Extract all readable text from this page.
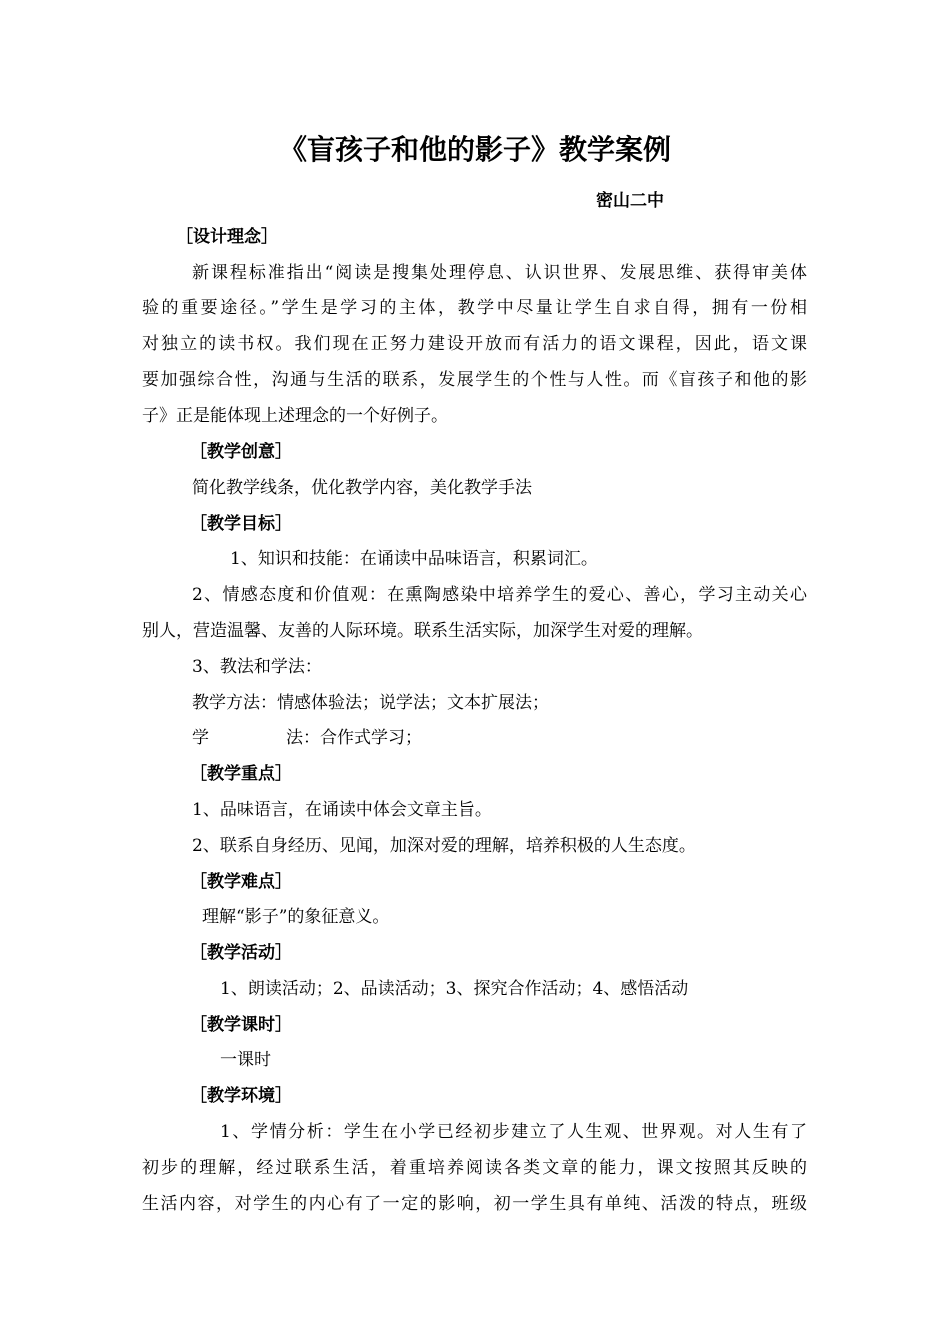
《盲孩子和他的影子》教学案例
密山二中
［设计理念］
新课程标准指出“阅读是搜集处理停息、认识世界、发展思维、获得审美体
验的重要途径。”学生是学习的主体，教学中尽量让学生自求自得，拥有一份相
对独立的读书权。我们现在正努力建设开放而有活力的语文课程，因此，语文课
要加强综合性，沟通与生活的联系，发展学生的个性与人性。而《盲孩子和他的影
子》正是能体现上述理念的一个好例子。
［教学创意］
简化教学线条，优化教学内容，美化教学手法
［教学目标］
1、知识和技能：在诵读中品味语言，积累词汇。
2、情感态度和价值观：在熏陶感染中培养学生的爱心、善心，学习主动关心
别人，营造温馨、友善的人际环境。联系生活实际，加深学生对爱的理解。
3、教法和学法：
教学方法：情感体验法；说学法；文本扩展法；
学	法：合作式学习；
［教学重点］
1、品味语言，在诵读中体会文章主旨。
2、联系自身经历、见闻，加深对爱的理解，培养积极的人生态度。
［教学难点］
理解“影子”的象征意义。
［教学活动］
1、朗读活动；2、品读活动；3、探究合作活动；4、感悟活动
［教学课时］
一课时
［教学环境］
1、学情分析：学生在小学已经初步建立了人生观、世界观。对人生有了
初步的理解，经过联系生活，着重培养阅读各类文章的能力，课文按照其反映的
生活内容，对学生的内心有了一定的影响，初一学生具有单纯、活泼的特点，班级
